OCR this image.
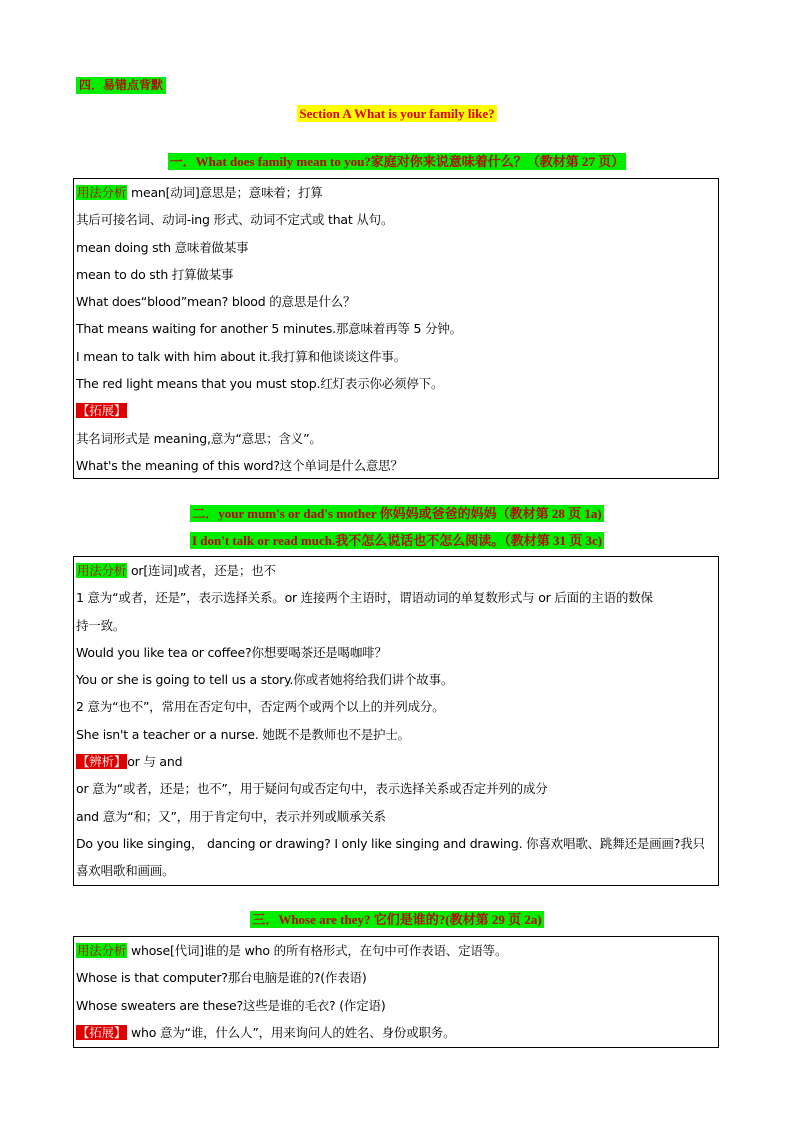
四．易错点背默
Section A What is your family like?
一．What does family mean to you?家庭对你来说意味着什么？（教材第 27 页）
用法分析 mean[动词]意思是；意味着；打算
其后可接名词、动词-ing 形式、动词不定式或 that 从句。
mean doing sth 意味着做某事
mean to do sth 打算做某事
What does“blood”mean? blood 的意思是什么？
That means waiting for another 5 minutes.那意味着再等 5 分钟。
I mean to talk with him about it.我打算和他谈谈这件事。
The red light means that you must stop.红灯表示你必须停下。
【拓展】
其名词形式是 meaning,意为“意思；含义”。
What's the meaning of this word?这个单词是什么意思？
二．your mum's or dad's mother 你妈妈或爸爸的妈妈（教材第 28 页 1a)
I don't talk or read much.我不怎么说话也不怎么阅读。（教材第 31 页 3c)
用法分析 or[连词]或者，还是；也不
1 意为“或者，还是”，表示选择关系。or 连接两个主语时，谓语动词的单复数形式与 or 后面的主语的数保
持一致。
Would you like tea or coffee?你想要喝茶还是喝咖啡？
You or she is going to tell us a story.你或者她将给我们讲个故事。
2 意为“也不”，常用在否定句中，否定两个或两个以上的并列成分。
She isn't a teacher or a nurse. 她既不是教师也不是护士。
【辨析】or 与 and
or 意为“或者，还是；也不”，用于疑问句或否定句中，表示选择关系或否定并列的成分
and 意为“和；又”，用于肯定句中，表示并列或顺承关系
Do you like singing， dancing or drawing? I only like singing and drawing. 你喜欢唱歌、跳舞还是画画?我只
喜欢唱歌和画画。
三．Whose are they? 它们是谁的?(教材第 29 页 2a)
用法分析 whose[代词]谁的是 who 的所有格形式，在句中可作表语、定语等。
Whose is that computer?那台电脑是谁的?(作表语)
Whose sweaters are these?这些是谁的毛衣? (作定语)
【拓展】 who 意为“谁，什么人”，用来询问人的姓名、身份或职务。
